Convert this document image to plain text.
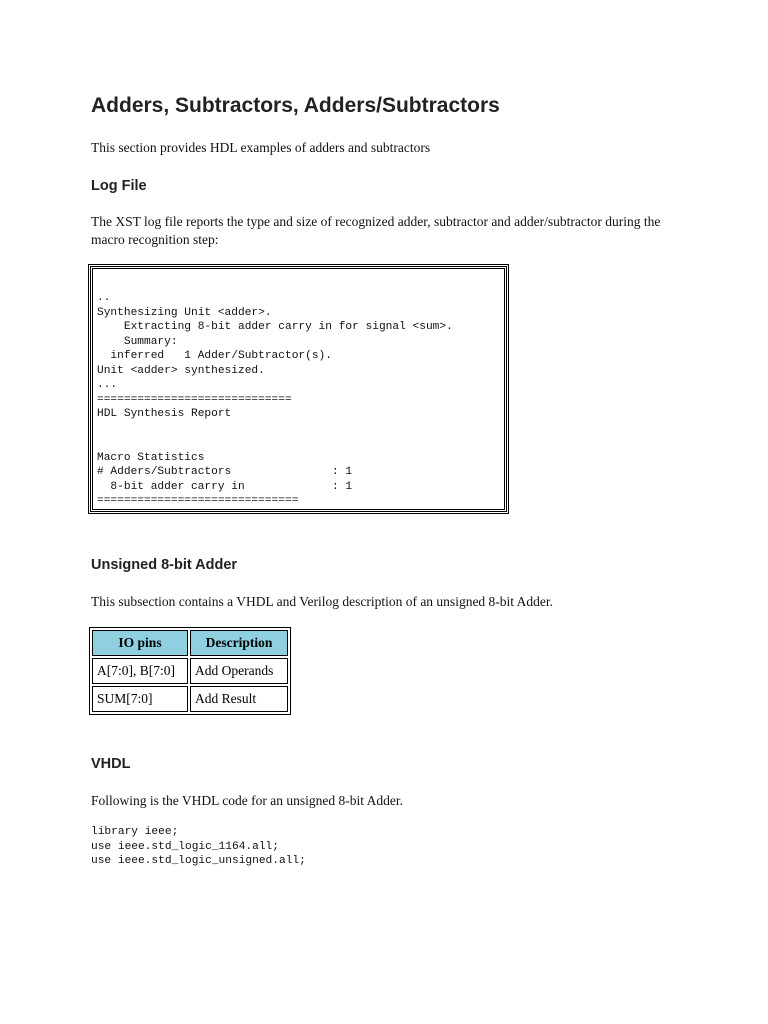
Adders, Subtractors, Adders/Subtractors

This section provides HDL examples of adders and subtractors

Log File

The XST log file reports the type and size of recognized adder, subtractor and adder/subtractor during the macro recognition step:

..
Synthesizing Unit <adder>.
Extracting 8-bit adder carry in for signal <sum>.
Summary:
inferred   1 Adder/Subtractor(s).
Unit <adder> synthesized.
...
=============================
HDL Synthesis Report

Macro Statistics
# Adders/Subtractors               : 1
8-bit adder carry in             : 1
==============================
Unsigned 8-bit Adder

This subsection contains a VHDL and Verilog description of an unsigned 8-bit Adder.

IO pins	Description
A[7:0], B[7:0]	Add Operands
SUM[7:0]	Add Result
VHDL

Following is the VHDL code for an unsigned 8-bit Adder.

library ieee;
use ieee.std_logic_1164.all;
use ieee.std_logic_unsigned.all;
